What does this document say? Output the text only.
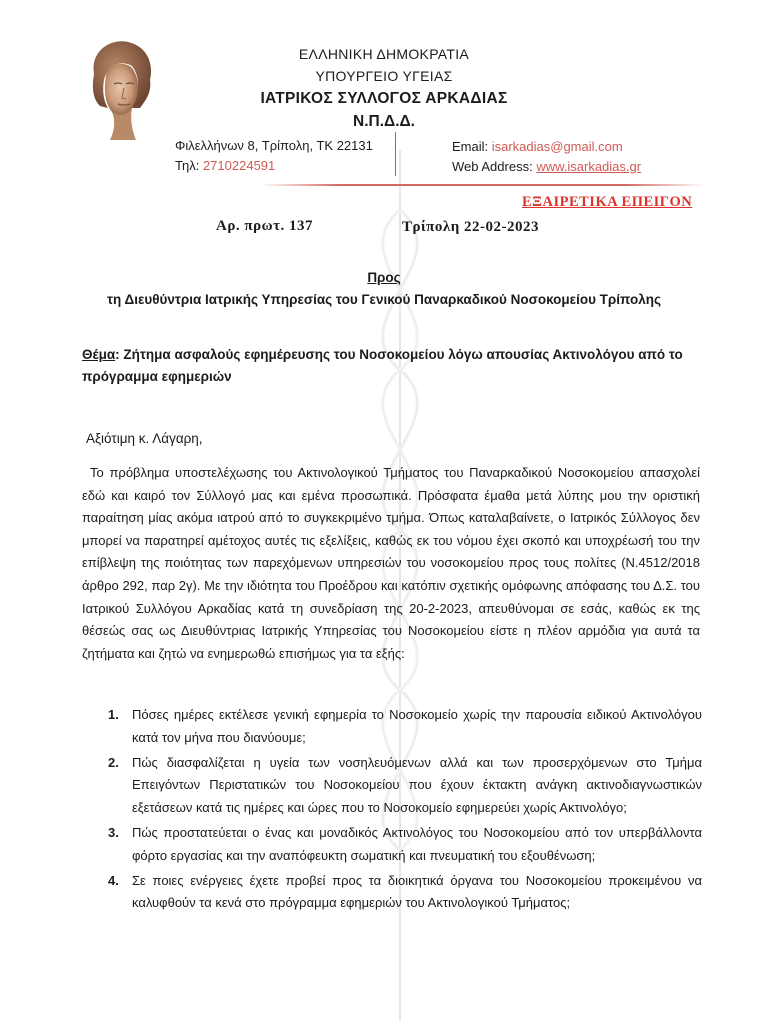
ΕΛΛΗΝΙΚΗ ΔΗΜΟΚΡΑΤΙΑ
ΥΠΟΥΡΓΕΙΟ ΥΓΕΙΑΣ
ΙΑΤΡΙΚΟΣ ΣΥΛΛΟΓΟΣ ΑΡΚΑΔΙΑΣ
Ν.Π.Δ.Δ.
Φιλελλήνων 8, Τρίπολη, ΤΚ 22131
Τηλ: 2710224591
Email: isarkadias@gmail.com
Web Address: www.isarkadias.gr
ΕΞΑΙΡΕΤΙΚΑ ΕΠΕΙΓΟΝ
Αρ. πρωτ. 137	Τρίπολη 22-02-2023
Προς
τη Διευθύντρια Ιατρικής Υπηρεσίας του Γενικού Παναρκαδικού Νοσοκομείου Τρίπολης
Θέμα: Ζήτημα ασφαλούς εφημέρευσης του Νοσοκομείου λόγω απουσίας Ακτινολόγου από το πρόγραμμα εφημεριών
Αξιότιμη κ. Λάγαρη,
Το πρόβλημα υποστελέχωσης του Ακτινολογικού Τμήματος του Παναρκαδικού Νοσοκομείου απασχολεί εδώ και καιρό τον Σύλλογό μας και εμένα προσωπικά. Πρόσφατα έμαθα μετά λύπης μου την οριστική παραίτηση μίας ακόμα ιατρού από το συγκεκριμένο τμήμα. Όπως καταλαβαίνετε, ο Ιατρικός Σύλλογος δεν μπορεί να παρατηρεί αμέτοχος αυτές τις εξελίξεις, καθώς εκ του νόμου έχει σκοπό και υποχρέωσή του την επίβλεψη της ποιότητας των παρεχόμενων υπηρεσιών του νοσοκομείου προς τους πολίτες (Ν.4512/2018 άρθρο 292, παρ 2γ). Με την ιδιότητα του Προέδρου και κατόπιν σχετικής ομόφωνης απόφασης του Δ.Σ. του Ιατρικού Συλλόγου Αρκαδίας κατά τη συνεδρίαση της 20-2-2023, απευθύνομαι σε εσάς, καθώς εκ της θέσεώς σας ως Διευθύντριας Ιατρικής Υπηρεσίας του Νοσοκομείου είστε η πλέον αρμόδια για αυτά τα ζητήματα και ζητώ να ενημερωθώ επισήμως για τα εξής:
1. Πόσες ημέρες εκτέλεσε γενική εφημερία το Νοσοκομείο χωρίς την παρουσία ειδικού Ακτινολόγου κατά τον μήνα που διανύουμε;
2. Πώς διασφαλίζεται η υγεία των νοσηλευόμενων αλλά και των προσερχόμενων στο Τμήμα Επειγόντων Περιστατικών του Νοσοκομείου που έχουν έκτακτη ανάγκη ακτινοδιαγνωστικών εξετάσεων κατά τις ημέρες και ώρες που το Νοσοκομείο εφημερεύει χωρίς Ακτινολόγο;
3. Πώς προστατεύεται ο ένας και μοναδικός Ακτινολόγος του Νοσοκομείου από τον υπερβάλλοντα φόρτο εργασίας και την αναπόφευκτη σωματική και πνευματική του εξουθένωση;
4. Σε ποιες ενέργειες έχετε προβεί προς τα διοικητικά όργανα του Νοσοκομείου προκειμένου να καλυφθούν τα κενά στο πρόγραμμα εφημεριών του Ακτινολογικού Τμήματος;
